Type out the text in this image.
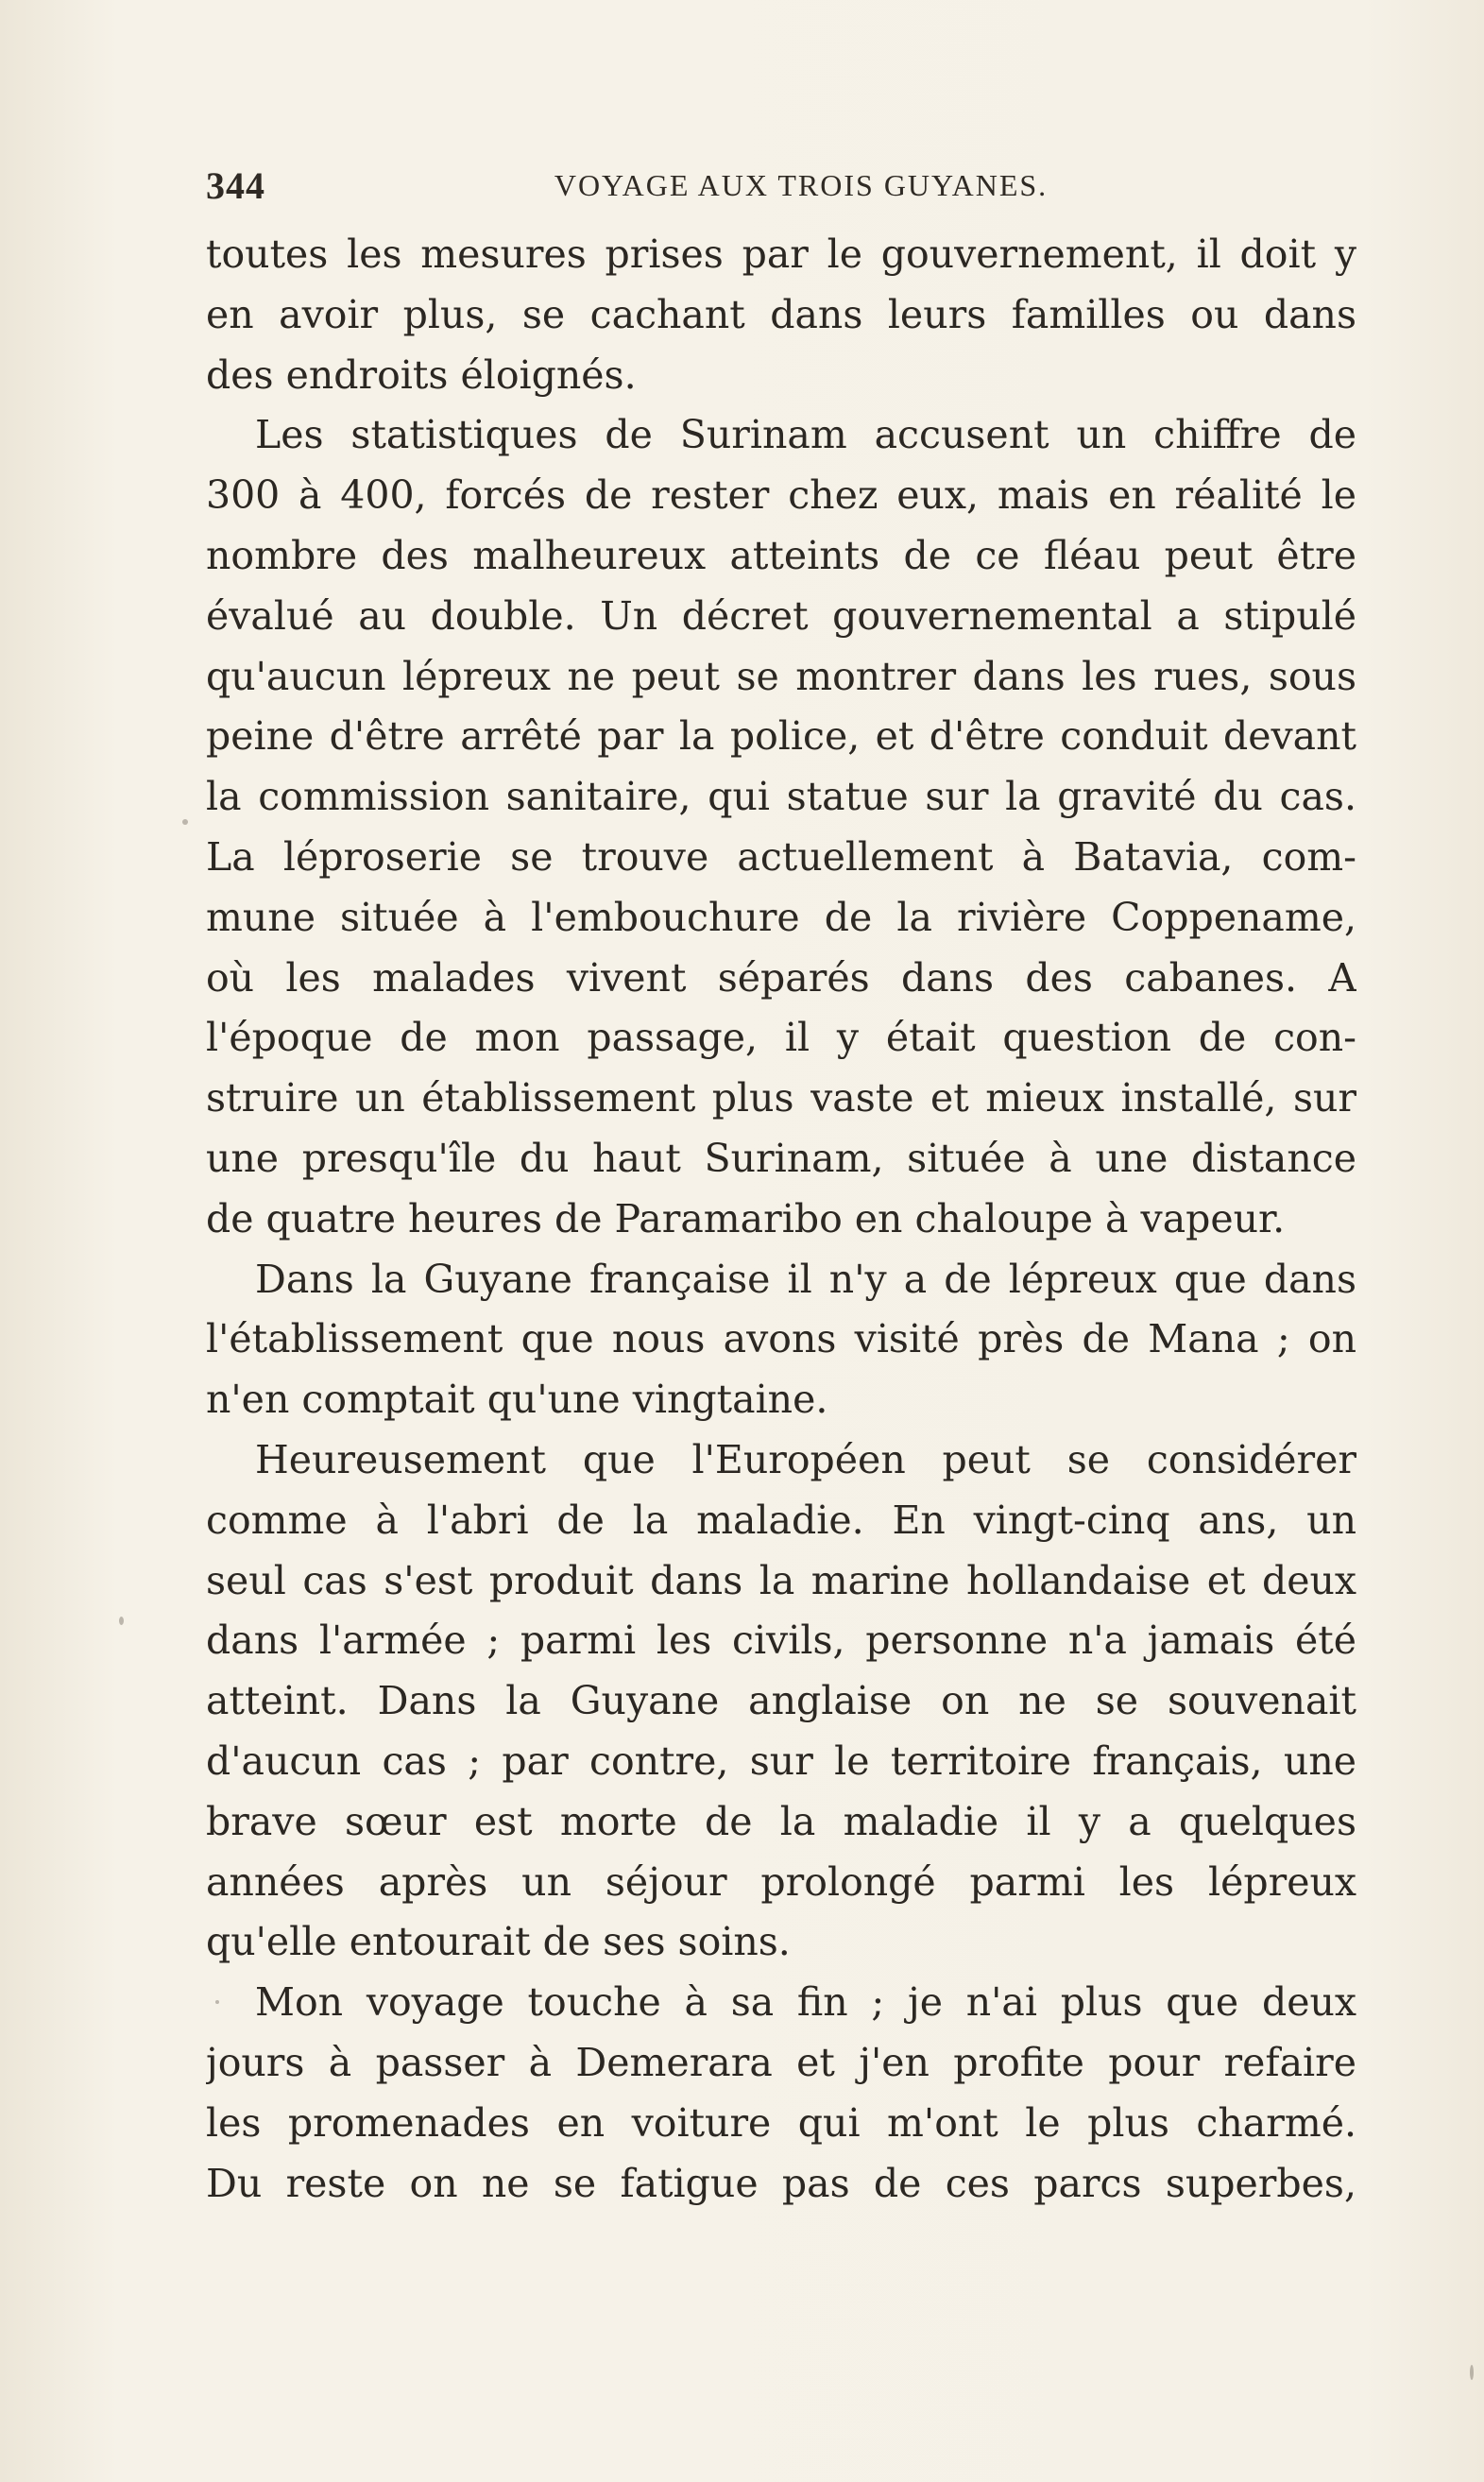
344	VOYAGE AUX TROIS GUYANES.
toutes les mesures prises par le gouvernement, il doit y
en avoir plus, se cachant dans leurs familles ou dans
des endroits éloignés.
Les statistiques de Surinam accusent un chiffre de
300 à 400, forcés de rester chez eux, mais en réalité le
nombre des malheureux atteints de ce fléau peut être
évalué au double. Un décret gouvernemental a stipulé
qu'aucun lépreux ne peut se montrer dans les rues, sous
peine d'être arrêté par la police, et d'être conduit devant
la commission sanitaire, qui statue sur la gravité du cas.
La léproserie se trouve actuellement à Batavia, com-
mune située à l'embouchure de la rivière Coppename,
où les malades vivent séparés dans des cabanes. A
l'époque de mon passage, il y était question de con-
struire un établissement plus vaste et mieux installé, sur
une presqu'île du haut Surinam, située à une distance
de quatre heures de Paramaribo en chaloupe à vapeur.
Dans la Guyane française il n'y a de lépreux que dans
l'établissement que nous avons visité près de Mana ; on
n'en comptait qu'une vingtaine.
Heureusement que l'Européen peut se considérer
comme à l'abri de la maladie. En vingt-cinq ans, un
seul cas s'est produit dans la marine hollandaise et deux
dans l'armée ; parmi les civils, personne n'a jamais été
atteint. Dans la Guyane anglaise on ne se souvenait
d'aucun cas ; par contre, sur le territoire français, une
brave sœur est morte de la maladie il y a quelques
années après un séjour prolongé parmi les lépreux
qu'elle entourait de ses soins.
Mon voyage touche à sa fin ; je n'ai plus que deux
jours à passer à Demerara et j'en profite pour refaire
les promenades en voiture qui m'ont le plus charmé.
Du reste on ne se fatigue pas de ces parcs superbes,
